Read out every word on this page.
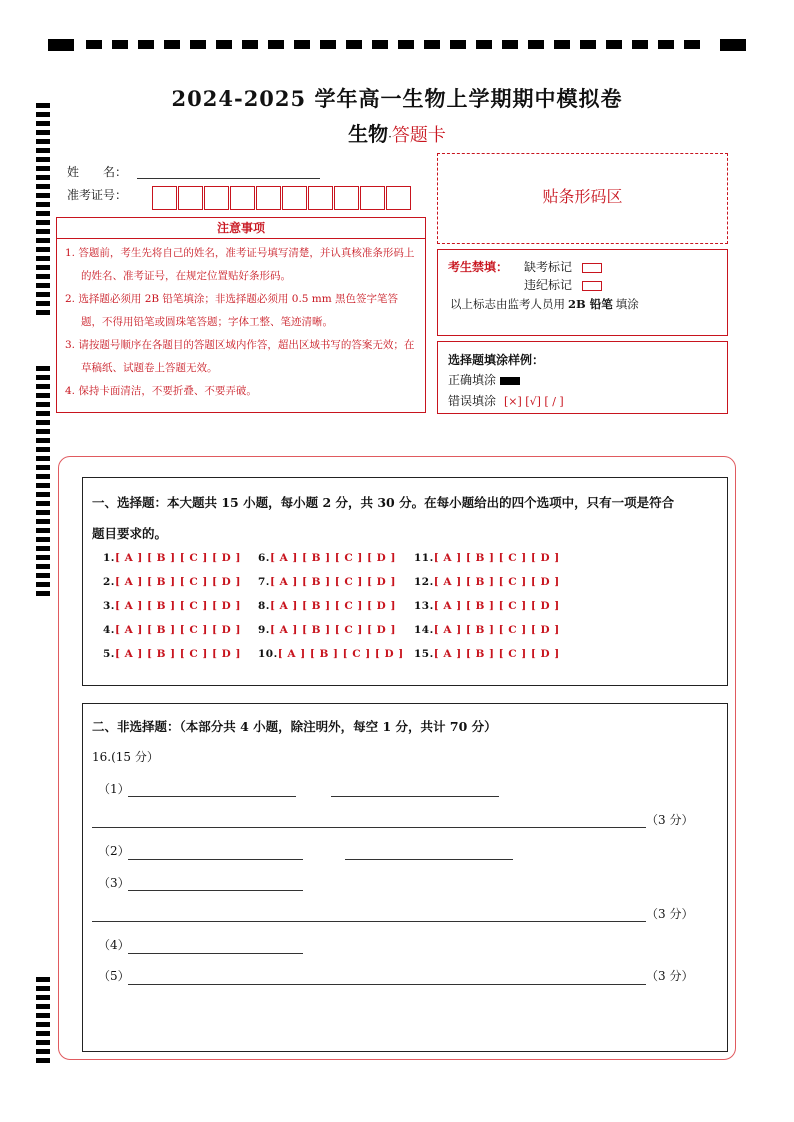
2024-2025 学年高一生物上学期期中模拟卷
生物·答题卡
姓　　名：
准考证号：	贴条形码区
注意事项
1. 答题前，考生先将自己的姓名，准考证号填写清楚，并认真核准条形码上的姓名、准考证号，在规定位置贴好条形码。
2. 选择题必须用 2B 铅笔填涂；非选择题必须用 0.5 mm 黑色签字笔答题，不得用铅笔或圆珠笔答题；字体工整、笔迹清晰。
3. 请按题号顺序在各题目的答题区域内作答，超出区域书写的答案无效；在草稿纸、试题卷上答题无效。
4. 保持卡面清洁，不要折叠、不要弄破。
考生禁填： 缺考标记
违纪标记
以上标志由监考人员用 2B 铅笔 填涂
选择题填涂样例：
正确填涂
错误填涂 [×] [√] [ / ]
一、选择题：本大题共 15 小题，每小题 2 分，共 30 分。在每小题给出的四个选项中，只有一项是符合
题目要求的。
1.[ A ] [ B ] [ C ] [ D ]
2.[ A ] [ B ] [ C ] [ D ]
3.[ A ] [ B ] [ C ] [ D ]
4.[ A ] [ B ] [ C ] [ D ]
5.[ A ] [ B ] [ C ] [ D ]
6.[ A ] [ B ] [ C ] [ D ]
7.[ A ] [ B ] [ C ] [ D ]
8.[ A ] [ B ] [ C ] [ D ]
9.[ A ] [ B ] [ C ] [ D ]
10.[ A ] [ B ] [ C ] [ D ]
11.[ A ] [ B ] [ C ] [ D ]
12.[ A ] [ B ] [ C ] [ D ]
13.[ A ] [ B ] [ C ] [ D ]
14.[ A ] [ B ] [ C ] [ D ]
15.[ A ] [ B ] [ C ] [ D ]
二、非选择题：（本部分共 4 小题，除注明外，每空 1 分，共计 70 分）
16.(15 分）
（1）
（3 分）
（2）
（3）
（3 分）
（4）
（5）	（3 分）
